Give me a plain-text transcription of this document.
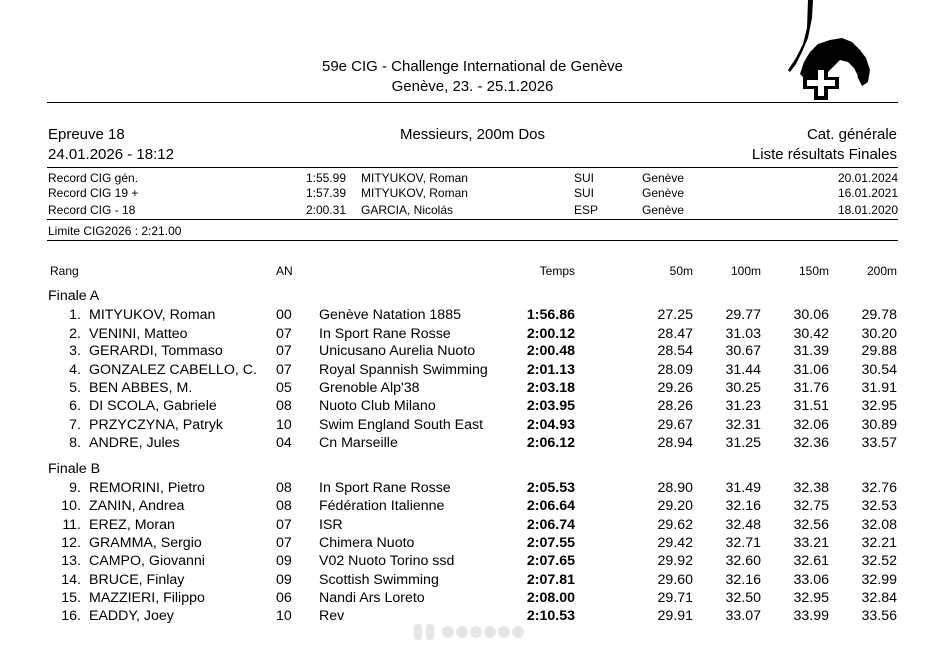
59e CIG - Challenge International de Genève
Genève, 23. - 25.1.2026
Epreuve 18	Messieurs, 200m Dos	Cat. générale
24.01.2026 - 18:12	Liste résultats Finales
Record CIG gén.	1:55.99 MITYUKOV, Roman	SUI	Genève	20.01.2024
Record CIG 19 +	1:57.39 MITYUKOV, Roman	SUI	Genève	16.01.2021
Record CIG - 18	2:00.31 GARCIA, Nicolás	ESP	Genève	18.01.2020
Limite CIG2026 : 2:21.00
Rang	AN	Temps	50m	100m	150m	200m
Finale A
1. MITYUKOV, Roman	00 Genève Natation 1885	1:56.86	27.25 29.77 30.06 29.78
2. VENINI, Matteo	07 In Sport Rane Rosse	2:00.12	28.47 31.03 30.42 30.20
3. GERARDI, Tommaso	07 Unicusano Aurelia Nuoto	2:00.48	28.54 30.67 31.39 29.88
4. GONZALEZ CABELLO, C. 07 Royal Spannish Swimming	2:01.13	28.09 31.44 31.06 30.54
5. BEN ABBES, M.	05 Grenoble Alp'38	2:03.18	29.26 30.25 31.76 31.91
6. DI SCOLA, Gabriele	08 Nuoto Club Milano	2:03.95	28.26 31.23 31.51 32.95
7. PRZYCZYNA, Patryk	10 Swim England South East	2:04.93	29.67 32.31 32.06 30.89
8. ANDRE, Jules	04 Cn Marseille	2:06.12	28.94 31.25 32.36 33.57
Finale B
9. REMORINI, Pietro	08 In Sport Rane Rosse	2:05.53	28.90 31.49 32.38 32.76
10. ZANIN, Andrea	08 Fédération Italienne	2:06.64	29.20 32.16 32.75 32.53
11. EREZ, Moran	07 ISR	2:06.74	29.62 32.48 32.56 32.08
12. GRAMMA, Sergio	07 Chimera Nuoto	2:07.55	29.42 32.71 33.21 32.21
13. CAMPO, Giovanni	09 V02 Nuoto Torino ssd	2:07.65	29.92 32.60 32.61 32.52
14. BRUCE, Finlay	09 Scottish Swimming	2:07.81	29.60 32.16 33.06 32.99
15. MAZZIERI, Filippo	06 Nandi Ars Loreto	2:08.00	29.71 32.50 32.95 32.84
16. EADDY, Joey	10 Rev	2:10.53	29.91 33.07 33.99 33.56
